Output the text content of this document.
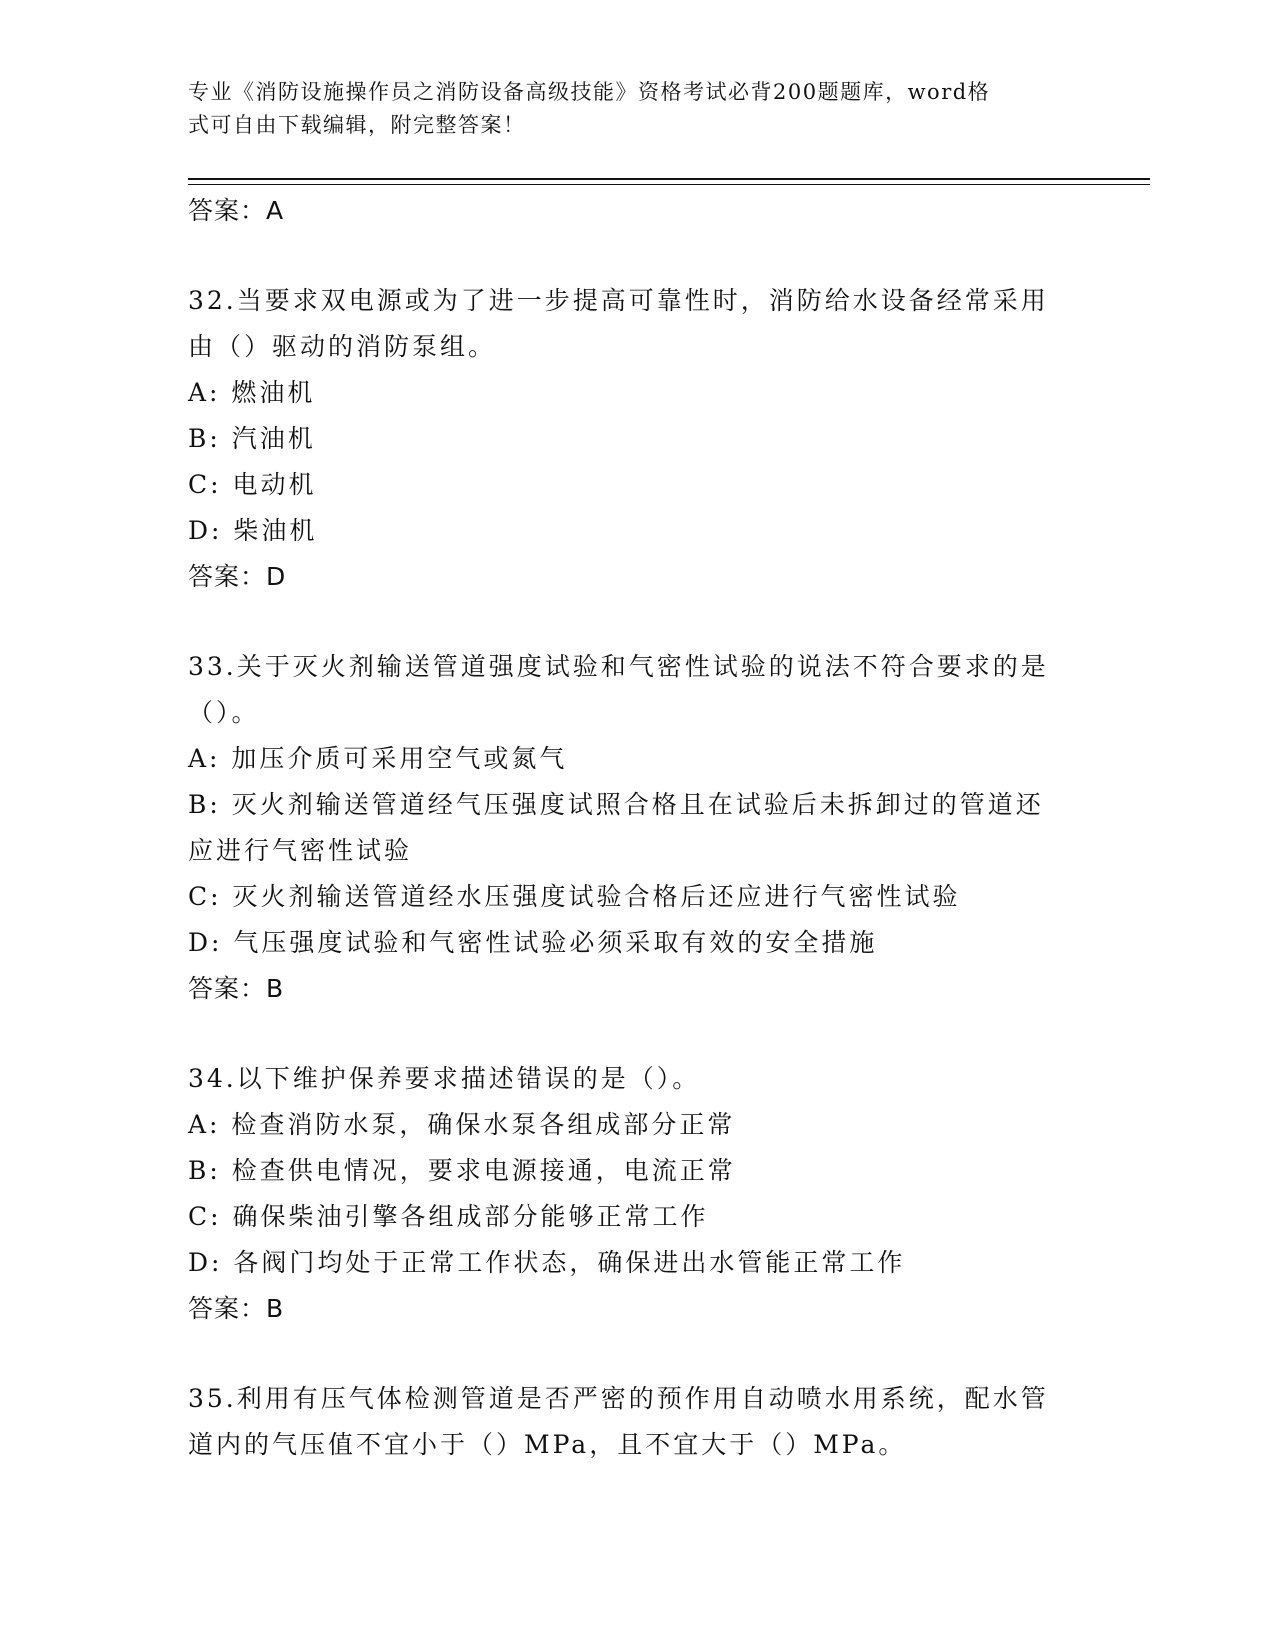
专业《消防设施操作员之消防设备高级技能》资格考试必背200题题库，word格
式可自由下载编辑，附完整答案！
答案：A
32.当要求双电源或为了进一步提高可靠性时，消防给水设备经常采用
由（）驱动的消防泵组。
A: 燃油机
B: 汽油机
C: 电动机
D: 柴油机
答案：D
33.关于灭火剂输送管道强度试验和气密性试验的说法不符合要求的是
（）。
A: 加压介质可采用空气或氮气
B: 灭火剂输送管道经气压强度试照合格且在试验后未拆卸过的管道还
应进行气密性试验
C: 灭火剂输送管道经水压强度试验合格后还应进行气密性试验
D: 气压强度试验和气密性试验必须采取有效的安全措施
答案：B
34.以下维护保养要求描述错误的是（）。
A: 检查消防水泵，确保水泵各组成部分正常
B: 检查供电情况，要求电源接通，电流正常
C: 确保柴油引擎各组成部分能够正常工作
D: 各阀门均处于正常工作状态，确保进出水管能正常工作
答案：B
35.利用有压气体检测管道是否严密的预作用自动喷水用系统，配水管
道内的气压值不宜小于（）MPa，且不宜大于（）MPa。
